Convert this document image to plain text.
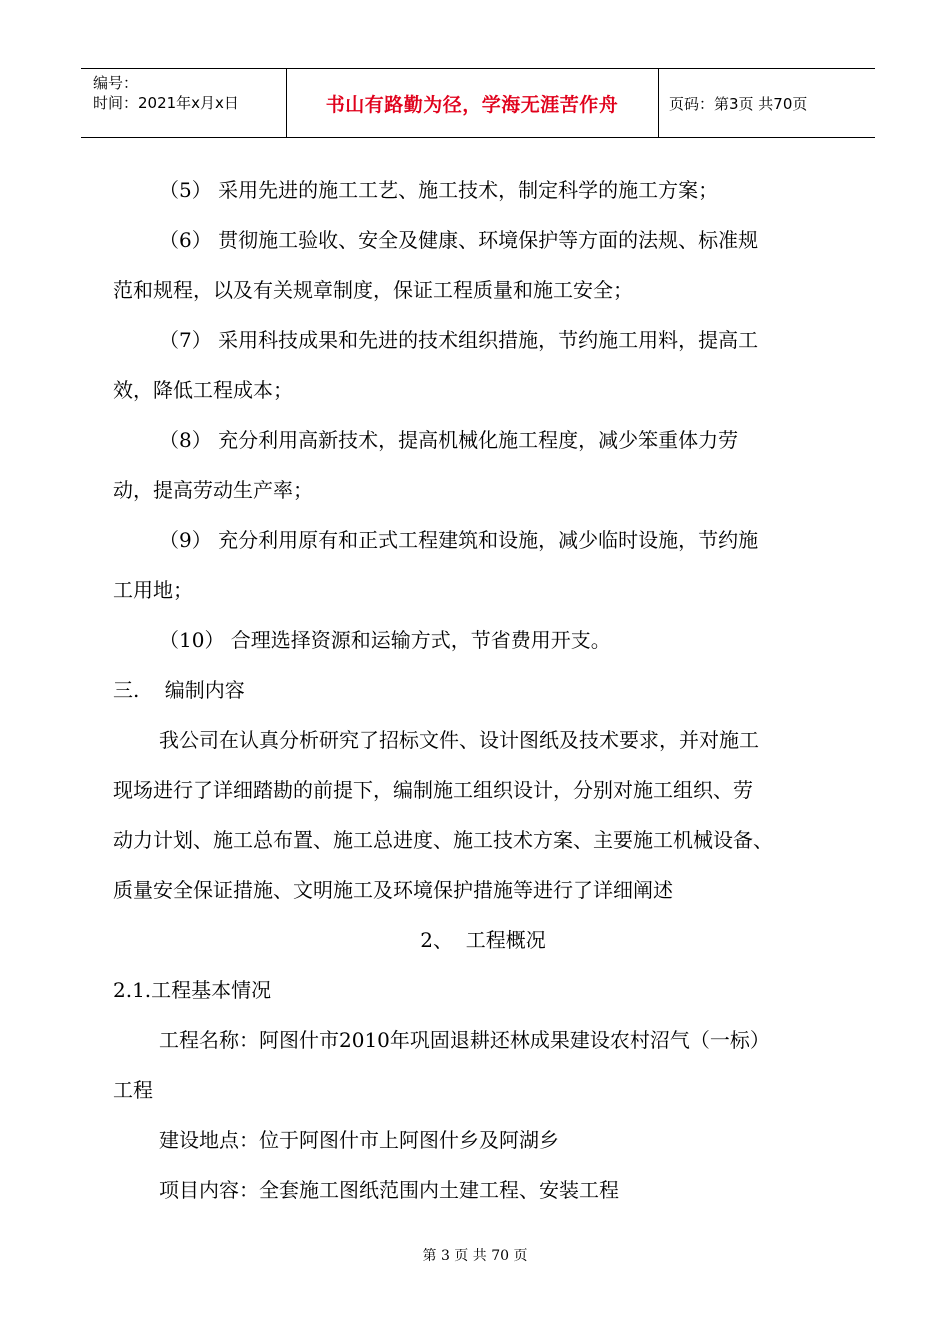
编号：
时间：2021年x月x日	书山有路勤为径，学海无涯苦作舟	页码：第3页 共70页

（5） 采用先进的施工工艺、施工技术，制定科学的施工方案；

（6） 贯彻施工验收、安全及健康、环境保护等方面的法规、标准规

范和规程，以及有关规章制度，保证工程质量和施工安全；

（7） 采用科技成果和先进的技术组织措施，节约施工用料，提高工

效，降低工程成本；

（8） 充分利用高新技术，提高机械化施工程度，减少笨重体力劳

动，提高劳动生产率；

（9） 充分利用原有和正式工程建筑和设施，减少临时设施，节约施

工用地；

（10） 合理选择资源和运输方式，节省费用开支。

三.    编制内容

我公司在认真分析研究了招标文件、设计图纸及技术要求，并对施工

现场进行了详细踏勘的前提下，编制施工组织设计，分别对施工组织、劳

动力计划、施工总布置、施工总进度、施工技术方案、主要施工机械设备、

质量安全保证措施、文明施工及环境保护措施等进行了详细阐述

2、  工程概况

2.1.工程基本情况

工程名称：阿图什市2010年巩固退耕还林成果建设农村沼气（一标）

工程

建设地点：位于阿图什市上阿图什乡及阿湖乡

项目内容：全套施工图纸范围内土建工程、安装工程

第 3 页 共 70 页
